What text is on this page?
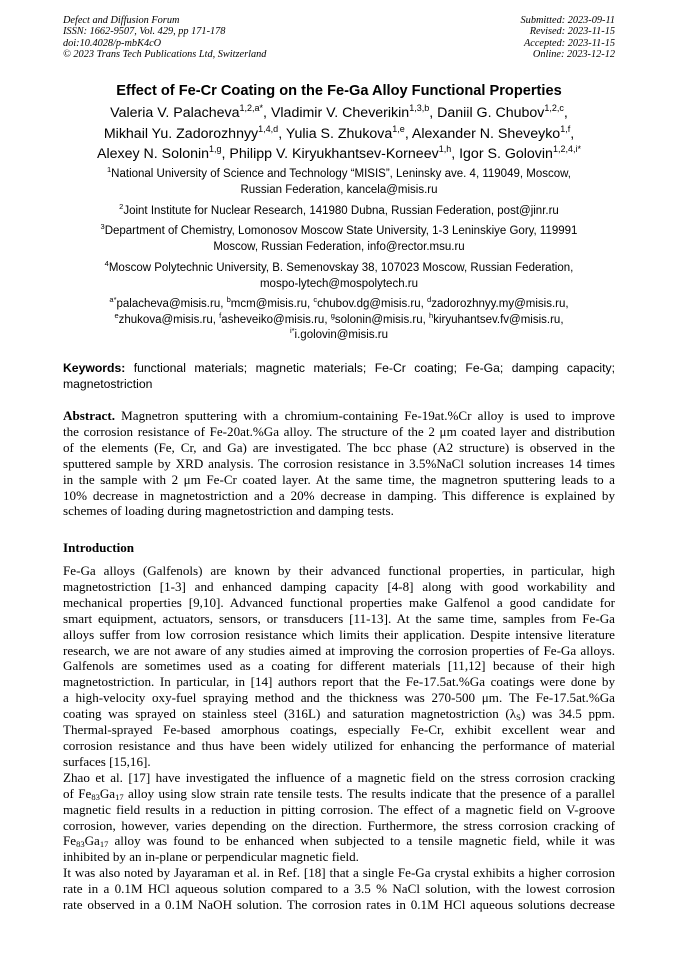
Defect and Diffusion Forum
ISSN: 1662-9507, Vol. 429, pp 171-178
doi:10.4028/p-mbK4cO
© 2023 Trans Tech Publications Ltd, Switzerland
Submitted: 2023-09-11
Revised: 2023-11-15
Accepted: 2023-11-15
Online: 2023-12-12
Effect of Fe-Cr Coating on the Fe-Ga Alloy Functional Properties
Valeria V. Palacheva$^{1,2,a*}$, Vladimir V. Cheverikin$^{1,3,b}$, Daniil G. Chubov$^{1,2,c}$,
Mikhail Yu. Zadorozhnyy$^{1,4,d}$, Yulia S. Zhukova$^{1,e}$, Alexander N. Sheveyko$^{1,f}$,
Alexey N. Solonin$^{1,g}$, Philipp V. Kiryukhantsev-Korneev$^{1,h}$, Igor S. Golovin$^{1,2,4,i*}$
$^1$National University of Science and Technology “MISIS”, Leninsky ave. 4, 119049, Moscow,
Russian Federation, kancela@misis.ru
$^2$Joint Institute for Nuclear Research, 141980 Dubna, Russian Federation, post@jinr.ru
$^3$Department of Chemistry, Lomonosov Moscow State University, 1-3 Leninskiye Gory, 119991
Moscow, Russian Federation, info@rector.msu.ru
$^4$Moscow Polytechnic University, B. Semenovskay 38, 107023 Moscow, Russian Federation,
mospo-lytech@mospolytech.ru
$^{a*}$palacheva@misis.ru, $^b$mcm@misis.ru, $^c$chubov.dg@misis.ru, $^d$zadorozhnyy.my@misis.ru,
$^e$zhukova@misis.ru, $^f$asheveiko@misis.ru, $^g$solonin@misis.ru, $^h$kiryuhantsev.fv@misis.ru,
$^{i*}$i.golovin@misis.ru
Keywords: functional materials; magnetic materials; Fe-Cr coating; Fe-Ga; damping capacity;
magnetostriction
Abstract. Magnetron sputtering with a chromium-containing Fe-19at.%Cr alloy is used to improve
the corrosion resistance of Fe-20at.%Ga alloy. The structure of the 2 μm coated layer and distribution
of the elements (Fe, Cr, and Ga) are investigated. The bcc phase (A2 structure) is observed in the
sputtered sample by XRD analysis. The corrosion resistance in 3.5%NaCl solution increases 14 times
in the sample with 2 μm Fe-Cr coated layer. At the same time, the magnetron sputtering leads to a
10% decrease in magnetostriction and a 20% decrease in damping. This difference is explained by
schemes of loading during magnetostriction and damping tests.
Introduction
Fe-Ga alloys (Galfenols) are known by their advanced functional properties, in particular, high
magnetostriction [1-3] and enhanced damping capacity [4-8] along with good workability and
mechanical properties [9,10]. Advanced functional properties make Galfenol a good candidate for
smart equipment, actuators, sensors, or transducers [11-13]. At the same time, samples from Fe-Ga
alloys suffer from low corrosion resistance which limits their application. Despite intensive literature
research, we are not aware of any studies aimed at improving the corrosion properties of Fe-Ga alloys.
Galfenols are sometimes used as a coating for different materials [11,12] because of their high
magnetostriction. In particular, in [14] authors report that the Fe-17.5at.%Ga coatings were done by
a high-velocity oxy-fuel spraying method and the thickness was 270-500 μm. The Fe-17.5at.%Ga
coating was sprayed on stainless steel (316L) and saturation magnetostriction $(\lambda_S)$ was 34.5 ppm.
Thermal-sprayed Fe-based amorphous coatings, especially Fe-Cr, exhibit excellent wear and
corrosion resistance and thus have been widely utilized for enhancing the performance of material
surfaces [15,16].
Zhao et al. [17] have investigated the influence of a magnetic field on the stress corrosion cracking
of $Fe_{83}Ga_{17}$ alloy using slow strain rate tensile tests. The results indicate that the presence of a parallel
magnetic field results in a reduction in pitting corrosion. The effect of a magnetic field on V-groove
corrosion, however, varies depending on the direction. Furthermore, the stress corrosion cracking of
$Fe_{83}Ga_{17}$ alloy was found to be enhanced when subjected to a tensile magnetic field, while it was
inhibited by an in-plane or perpendicular magnetic field.
It was also noted by Jayaraman et al. in Ref. [18] that a single Fe-Ga crystal exhibits a higher corrosion
rate in a 0.1M HCl aqueous solution compared to a 3.5 % NaCl solution, with the lowest corrosion
rate observed in a 0.1M NaOH solution. The corrosion rates in 0.1M HCl aqueous solutions decrease
